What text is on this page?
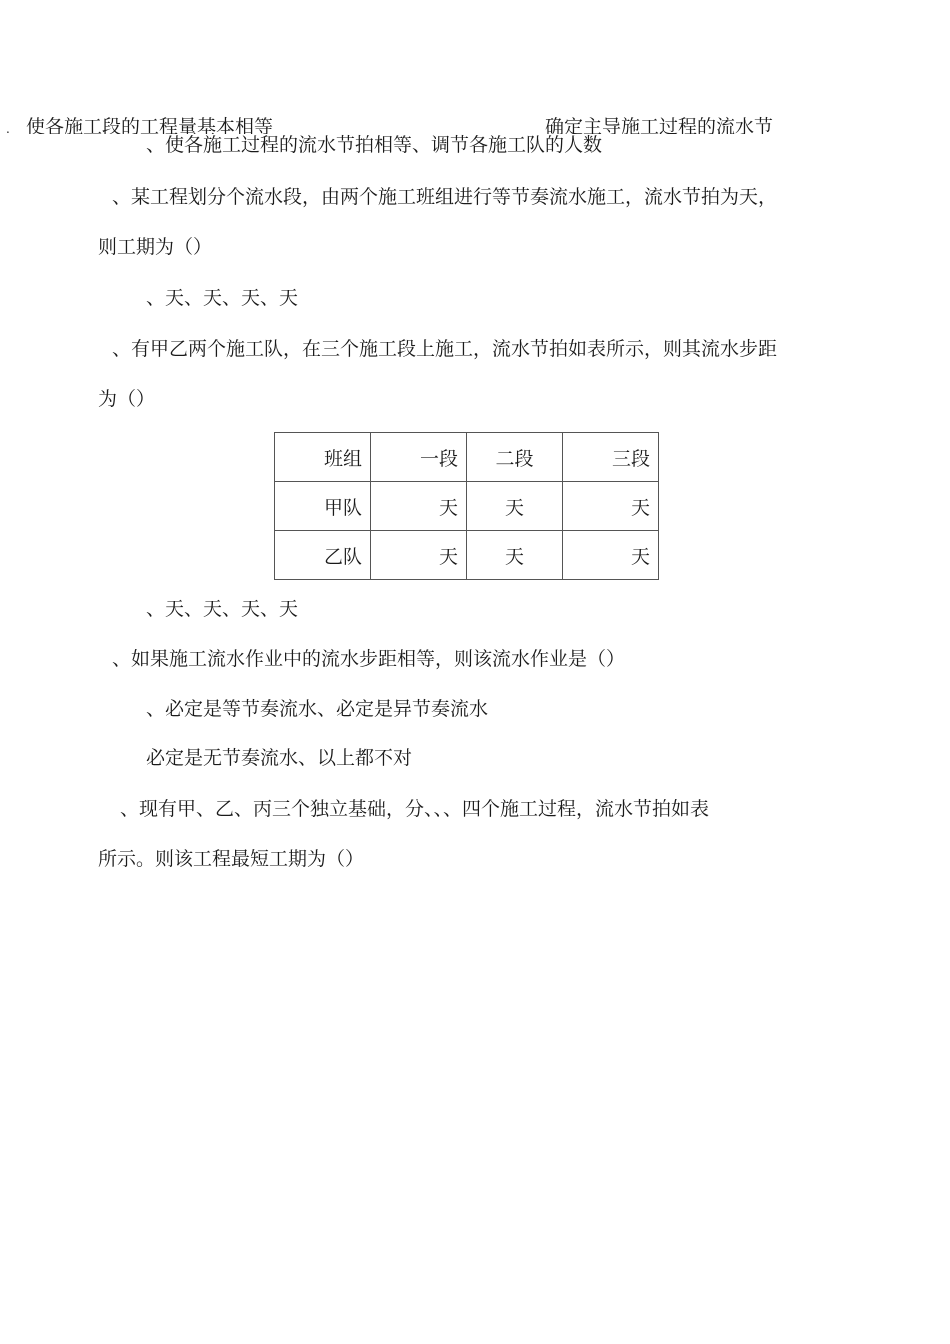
. 使各施工段的工程量基本相等	确定主导施工过程的流水节
、使各施工过程的流水节拍相等、调节各施工队的人数
、某工程划分个流水段，由两个施工班组进行等节奏流水施工，流水节拍为天，
则工期为（）
、天、天、天、天
、有甲乙两个施工队，在三个施工段上施工，流水节拍如表所示，则其流水步距
为（）
班组	一段	二段	三段
甲队	天	天	天
乙队	天	天	天
、天、天、天、天
、如果施工流水作业中的流水步距相等，则该流水作业是（）
、必定是等节奏流水、必定是异节奏流水
必定是无节奏流水、以上都不对
、现有甲、乙、丙三个独立基础，分、、、四个施工过程，流水节拍如表
所示。则该工程最短工期为（）
